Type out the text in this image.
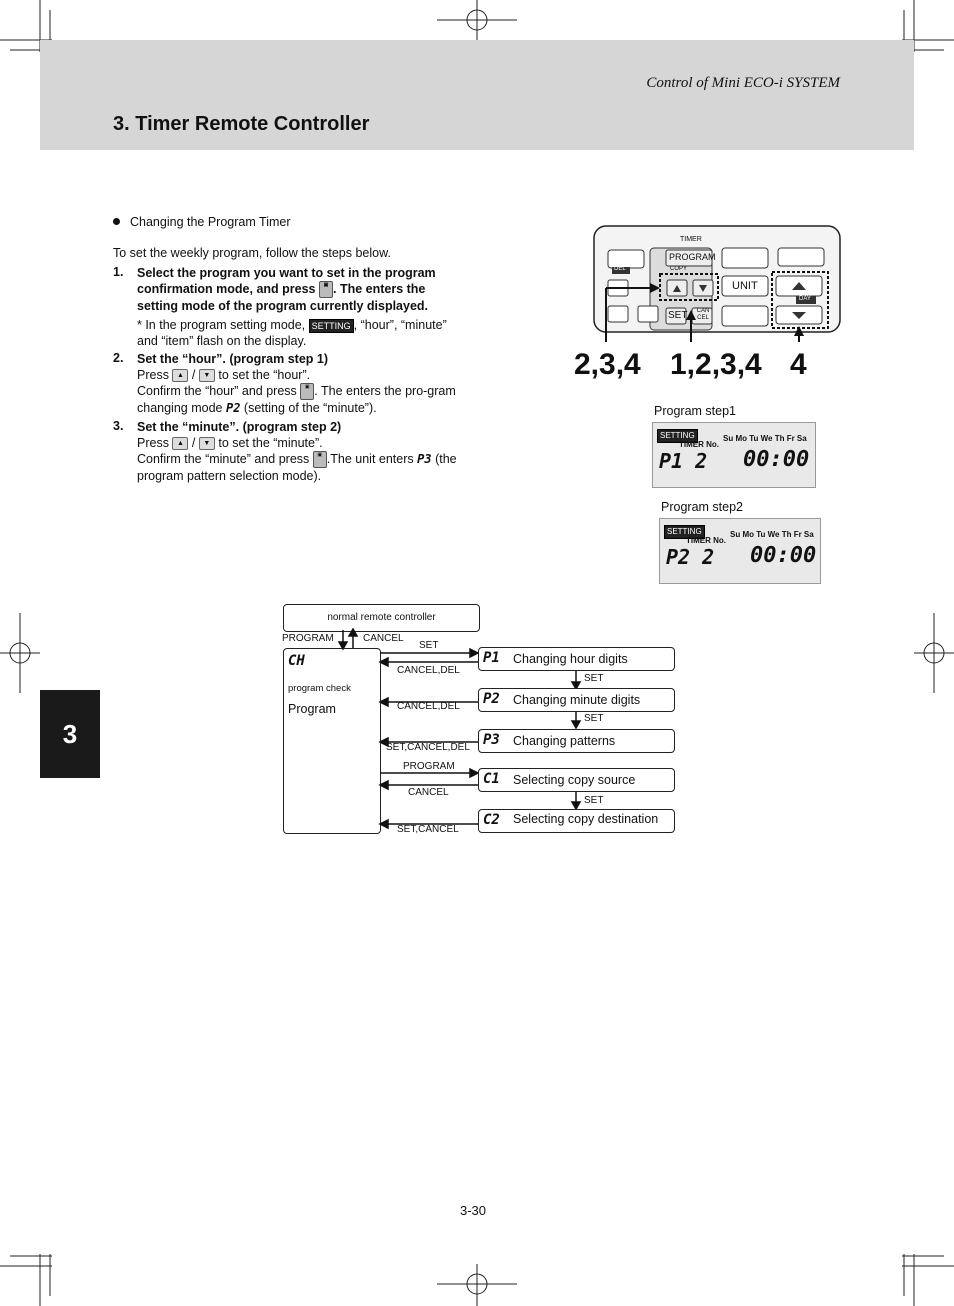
Control of Mini ECO-i SYSTEM
3. Timer Remote Controller
3
Changing the Program Timer
To set the weekly program, follow the steps below.
1. Select the program you want to set in the program confirmation mode, and press ▣ . The enters the setting mode of the program currently displayed.
* In the program setting mode, SETTING , “hour”, “minute” and “item” flash on the display.
2. Set the “hour”. (program step 1)
Press ▲ / ▼ to set the “hour”.
Confirm the “hour” and press ▣ . The enters the pro-gram changing mode P2 (setting of the “minute”).
3. Set the “minute”. (program step 2)
Press ▲ / ▼ to set the “minute”.
Confirm the “minute” and press ▣ .The unit enters P3 (the program pattern selection mode).
TIMER
PROGRAM
COPY
DEL
UNIT
SET	CAN CEL
DAY
2,3,4 1,2,3,4 4
Program step1
SETTING
TIMER No.
Su Mo Tu We Th Fr Sa
P1 2 00:00
Program step2
SETTING
TIMER No.
Su Mo Tu We Th Fr Sa
P2 2 00:00
normal remote controller
PROGRAM	CANCEL
CH
program check
Program
SET
CANCEL,DEL
CANCEL,DEL
SET,CANCEL,DEL
PROGRAM
CANCEL
SET,CANCEL
SET
SET
SET
P1 Changing hour digits
P2 Changing minute digits
P3 Changing patterns
C1 Selecting copy source
C2 Selecting copy destination
3-30
